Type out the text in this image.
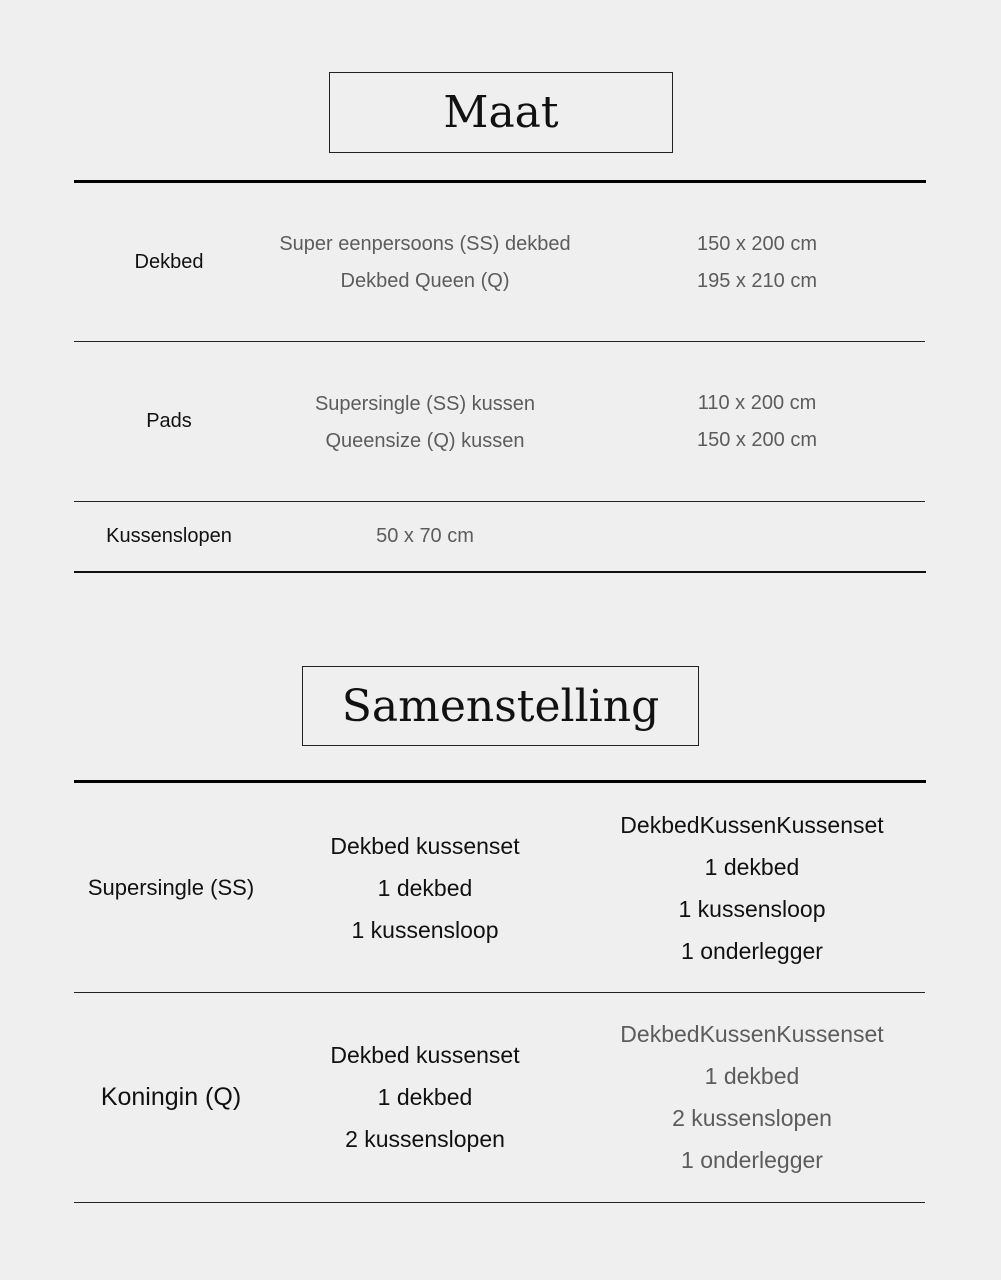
Maat
Dekbed
Super eenpersoons (SS) dekbed
Dekbed Queen (Q)
150 x 200 cm
195 x 210 cm
Pads
Supersingle (SS) kussen
Queensize (Q) kussen
110 x 200 cm
150 x 200 cm
Kussenslopen	50 x 70 cm
Samenstelling
Supersingle (SS)
Dekbed kussenset
1 dekbed
1 kussensloop
DekbedKussenKussenset
1 dekbed
1 kussensloop
1 onderlegger
Koningin (Q)
Dekbed kussenset
1 dekbed
2 kussenslopen
DekbedKussenKussenset
1 dekbed
2 kussenslopen
1 onderlegger
